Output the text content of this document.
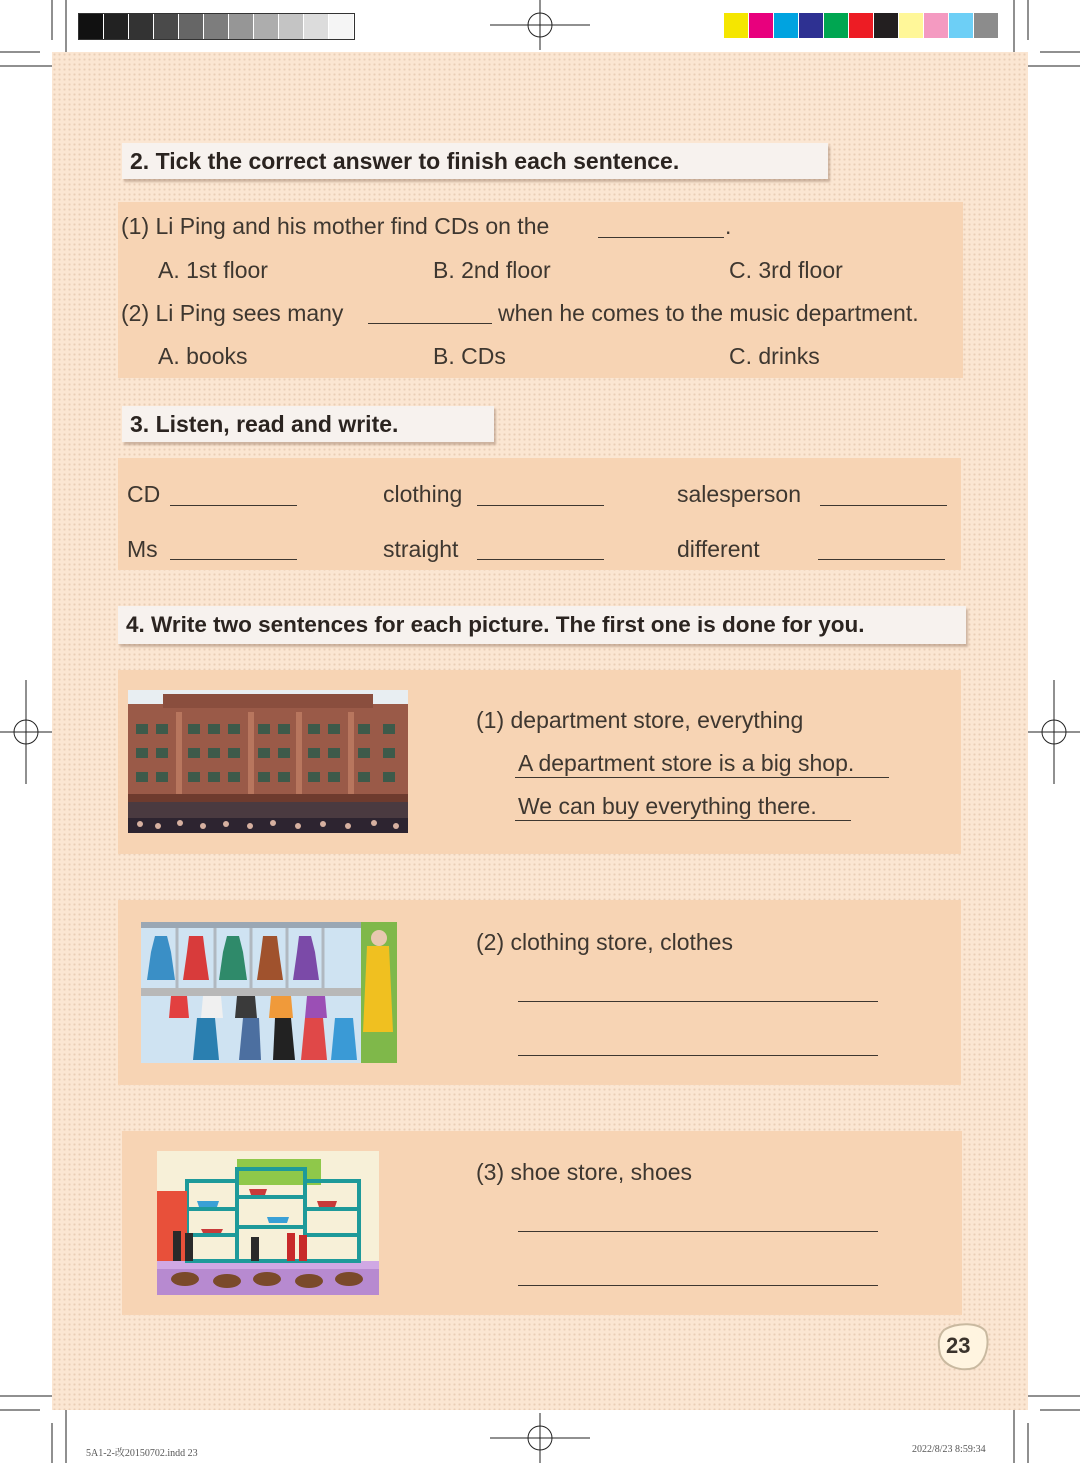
2. Tick the correct answer to finish each sentence.
(1) Li Ping and his mother find CDs on the	.
A. 1st floor	B. 2nd floor	C. 3rd floor
(2) Li Ping sees many	when he comes to the music department.
A. books	B. CDs	C. drinks
3. Listen, read and write.
CD	clothing	salesperson
Ms	straight	different
4. Write two sentences for each picture. The first one is done for you.
(1) department store, everything
A department store is a big shop.
We can buy everything there.
(2) clothing store, clothes
(3) shoe store, shoes
23
5A1-2-改20150702.indd 23	2022/8/23 8:59:34
